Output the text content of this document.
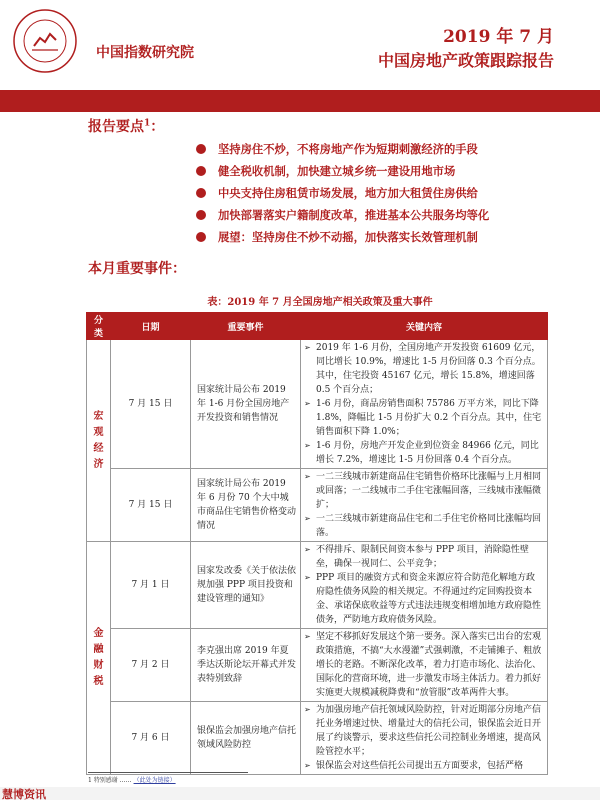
中国指数研究院
2019 年 7 月
中国房地产政策跟踪报告
报告要点$^1$：
坚持房住不炒，不将房地产作为短期刺激经济的手段
健全税收机制，加快建立城乡统一建设用地市场
中央支持住房租赁市场发展，地方加大租赁住房供给
加快部署落实户籍制度改革，推进基本公共服务均等化
展望：坚持房住不炒不动摇，加快落实长效管理机制
本月重要事件：
表：2019 年 7 月全国房地产相关政策及重大事件
分类	日期	重要事件	关键内容
宏观经济	7 月 15 日	国家统计局公布 2019 年 1-6 月份全国房地产开发投资和销售情况	➢ 2019 年 1-6 月份，全国房地产开发投资 61609 亿元，同比增长 10.9%，增速比 1-5 月份回落 0.3 个百分点。其中，住宅投资 45167 亿元，增长 15.8%，增速回落 0.5 个百分点；
➢ 1-6 月份，商品房销售面积 75786 万平方米，同比下降 1.8%，降幅比 1-5 月份扩大 0.2 个百分点。其中，住宅销售面积下降 1.0%；
➢ 1-6 月份，房地产开发企业到位资金 84966 亿元，同比增长 7.2%，增速比 1-5 月份回落 0.4 个百分点。

	7 月 15 日	国家统计局公布 2019 年 6 月份 70 个大中城市商品住宅销售价格变动情况	➢ 一二三线城市新建商品住宅销售价格环比涨幅与上月相同或回落；一二线城市二手住宅涨幅回落，三线城市涨幅微扩；
➢ 一二三线城市新建商品住宅和二手住宅价格同比涨幅均回落。

金融财税	7 月 1 日	国家发改委《关于依法依规加强 PPP 项目投资和建设管理的通知》	➢ 不得排斥、限制民间资本参与 PPP 项目，消除隐性壁垒，确保一视同仁、公平竞争；
➢ PPP 项目的融资方式和资金来源应符合防范化解地方政府隐性债务风险的相关规定。不得通过约定回购投资本金、承诺保底收益等方式违法违规变相增加地方政府隐性债务，严防地方政府债务风险。

	7 月 2 日	李克强出席 2019 年夏季达沃斯论坛开幕式并发表特别致辞	➢ 坚定不移抓好发展这个第一要务。深入落实已出台的宏观政策措施，不搞“大水漫灌”式强刺激，不走铺摊子、粗放增长的老路。不断深化改革，着力打造市场化、法治化、国际化的营商环境，进一步激发市场主体活力。着力抓好实施更大规模减税降费和“放管服”改革两件大事。

	7 月 6 日	银保监会加强房地产信托领域风险防控	➢ 为加强房地产信托领域风险防控，针对近期部分房地产信托业务增速过快、增量过大的信托公司，银保监会近日开展了约谈警示，要求这些信托公司控制业务增速，提高风险管控水平；
➢ 银保监会对这些信托公司提出五方面要求，包括严格
1 特别感谢 …… （此处为链接）
慧博资讯
